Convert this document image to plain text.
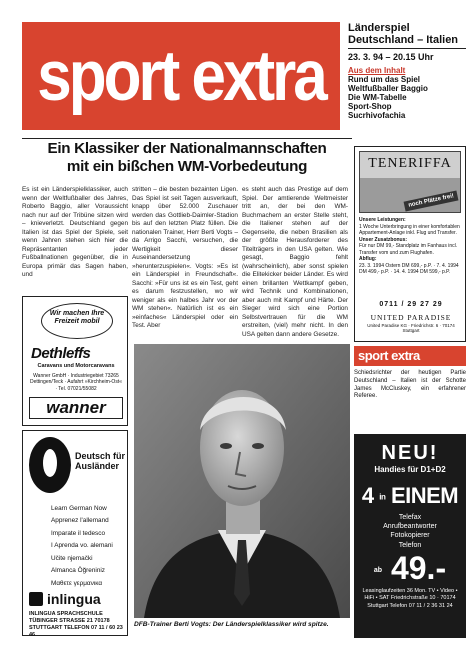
sport extra
Länderspiel Deutschland – Italien
23. 3. 94 – 20.15 Uhr
Aus dem Inhalt
Rund um das Spiel
Weltfußballer Baggio
Die WM-Tabelle
Sport-Shop
Sucrhivofachia
Ein Klassiker der Nationalmannschaften
mit ein bißchen WM-Vorbedeutung
Es ist ein Länderspielklassiker, auch wenn der Weltfußballer des Jahres, Roberto Baggio, aller Voraussicht nach nur auf der Tribüne sitzen wird – knieverletzt. Deutschland gegen Italien ist das Spiel der Spiele, seit wenn Jahren stehen sich hier die Repräsentanten jeder Fußballnationen gegenüber, die in Europa primär das Sagen haben, und
stritten – die besten bezainten Ligen. Das Spiel ist seit Tagen ausverkauft, knapp über 52.000 Zuschauer werden das Gottlieb-Daimler-Stadion bis auf den letzten Platz füllen. Die nationalen Trainer, Herr Berti Vogts – da Arrigo Sacchi, versuchen, die Wertigkeit dieser Auseinandersetzung »herunterzuspielen«. Vogts: »Es ist ein Länderspiel in Freundschaft«. Sacchi: »Für uns ist es ein Test, geht es darum festzustellen, wo wir weniger als ein halbes Jahr vor der WM stehen«. Natürlich ist es ein »einfaches« Länderspiel oder ein Test. Aber
es steht auch das Prestige auf dem Spiel. Der amtierende Weltmeister tritt an, der bei den WM-Buchmachern an erster Stelle steht, die Italiener stehen auf der Gegenseite, die neben Brasilien als der größte Herausforderer des Titelträgers in den USA gelten. Wie gesagt, Baggio fehlt (wahrscheinlich), aber sonst spielen die Elitekicker beider Länder. Es wird einen brillanten Wettkampf geben, wird Technik und Kombinationen, aber auch mit Kampf und Härte. Der Sieger wird sich eine Portion Selbstvertrauen für die WM erstreiten, (viel) mehr nicht. In den USA gelten dann andere Gesetze.
Wir machen Ihre Freizeit mobil
Dethleffs
Caravans und Motorcaravans
Wanner GmbH · Industriegebiet 73265 Dettingen/Teck · Aufahrt »Kirchheim-Ost« · Tel. 07021/55082
wanner
Deutsch für Ausländer
Learn German Now
Apprenez l'allemand
Imparate il tedesco
I Aprenda vo. alemani
Učite njemački
Almanca Öğreniniz
Μαθετε γερμανικα
inlingua
INLINGUA SPRACHSCHULE TÜBINGER STRASSE 21 70178 STUTTGART TELEFON 07 11 / 60 23 46
DFB-Trainer Berti Vogts: Der Länderspielklassiker wird spitze.
TENERIFFA
noch Plätze frei!
Unsere Leistungen:
1 Woche Unterbringung in einer komfortablen Appartement-Anlage inkl. Flug und Transfer.
Unser Zusatzbonus:
Für nur DM 99,- Standplatz im Fanhaus incl. Transfer vom und zum Flughafen.
Abflug:
23. 3. 1994 Ostern DM 699,- p.P. · 7. 4. 1994 DM 499,- p.P. · 14. 4. 1994 DM 599,- p.P.
0711 / 29 27 29
UNITED PARADISE
United Paradise KG · Friedrichstr. 6 · 70174 Stuttgart
sport extra
Schiedsrichter der heutigen Partie Deutschland – Italien ist der Schotte James McCluskey, ein erfahrener Referee.
NEU!
Handies für D1+D2
4 in EINEM
Telefax
Anrufbeantworter
Fotokopierer
Telefon
ab 49.-
Leasinglaufzeiten 36 Mon. TV • Video • HiFi • SAT Friedrichstraße 10 · 70174 Stuttgart Telefon 07 11 / 2 36 31 24
